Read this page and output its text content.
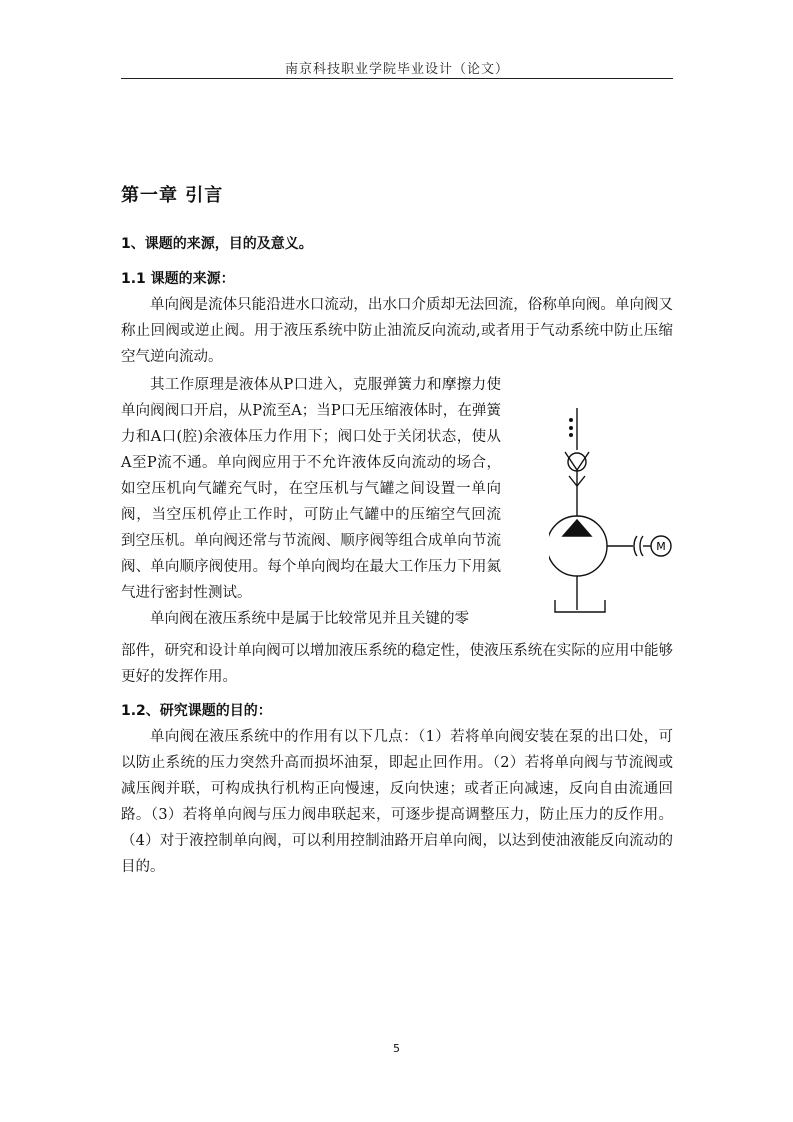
南京科技职业学院毕业设计（论文）
第一章 引言
1、课题的来源，目的及意义。
1.1 课题的来源：

单向阀是流体只能沿进水口流动，出水口介质却无法回流，俗称单向阀。单向阀又称止回阀或逆止阀。用于液压系统中防止油流反向流动,或者用于气动系统中防止压缩空气逆向流动。

其工作原理是液体从P口进入，克服弹簧力和摩擦力使单向阀阀口开启，从P流至A；当P口无压缩液体时，在弹簧力和A口(腔)余液体压力作用下；阀口处于关闭状态，使从A至P流不通。单向阀应用于不允许液体反向流动的场合，如空压机向气罐充气时，在空压机与气罐之间设置一单向阀，当空压机停止工作时，可防止气罐中的压缩空气回流 到空压机。单向阀还常与节流阀、顺序阀等组合成单向节流阀、单向顺序阀使用。每个单向阀均在最大工作压力下用氮气进行密封性测试。

单向阀在液压系统中是属于比较常见并且关键的零

部件，研究和设计单向阀可以增加液压系统的稳定性，使液压系统在实际的应用中能够更好的发挥作用。

1.2、研究课题的目的：

单向阀在液压系统中的作用有以下几点：（1）若将单向阀安装在泵的出口处，可以防止系统的压力突然升高而损坏油泵，即起止回作用。（2）若将单向阀与节流阀或减压阀并联，可构成执行机构正向慢速，反向快速；或者正向减速，反向自由流通回路。（3）若将单向阀与压力阀串联起来，可逐步提高调整压力，防止压力的反作用。（4）对于液控制单向阀，可以利用控制油路开启单向阀，以达到使油液能反向流动的目的。

M
5
